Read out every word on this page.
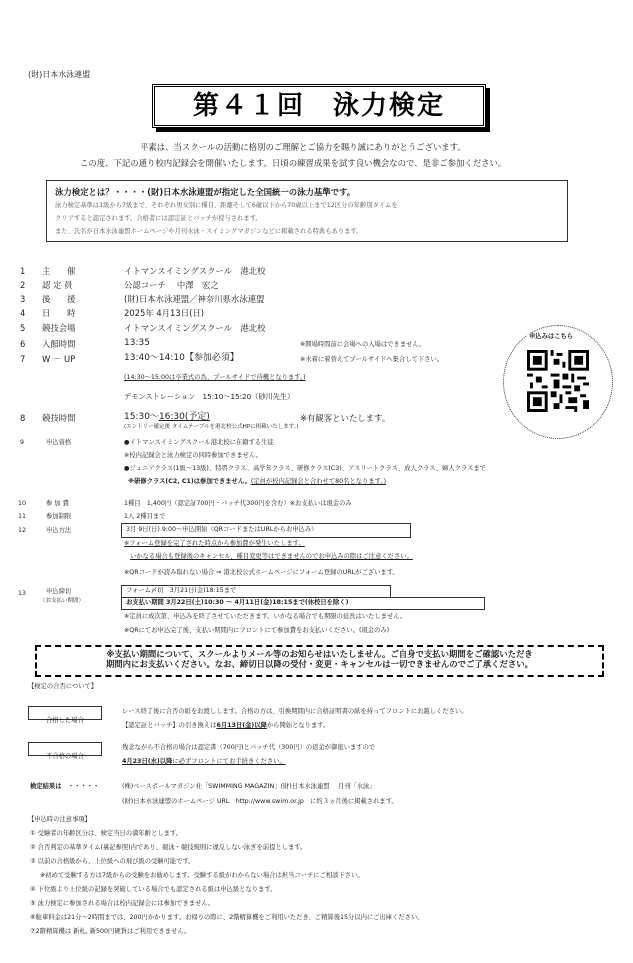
(財)日本水泳連盟
第４１回　泳力検定
平素は、当スクールの活動に格別のご理解とご協力を賜り誠にありがとうございます。
この度、下記の通り校内記録会を開催いたします。日頃の練習成果を試す良い機会なので、是非ご参加ください。
泳力検定とは？・・・・(財)日本水泳連盟が指定した全国統一の泳力基準です。
泳力検定基準は1級から7級まで、それぞれ男女別に種目、距離そして6歳以下から70歳以上まで12区分の年齢別タイムを
クリアすると認定されます。合格者には認定証とバッチが授与されます。
また、氏名が日本水泳連盟ホームページや月刊水泳・スイミングマガジンなどに掲載される特典もあります。
申込みはこちら
1 主　　催	イトマンスイミングスクール　港北校
2 認 定 員	公認コーチ　 中澤　宏之
3 後　　援	(財)日本水泳連盟／神奈川県水泳連盟
4 日　　時	2025年 4月13日(日)
5 競技会場	イトマンスイミングスクール　港北校
6 入館時間	13:35	※開場時間前に会場への入場はできません。
7 W － UP	13:40～14:10【参加必須】	※水着に着替えてプールサイドへ集合して下さい。
(14:30～15:00は卒業式の為、プールサイドで待機となります。)
デモンストレーション　15:10～15:20（砂川先生）
8 競技時間	15:30～16:30(予定)	※有観客といたします。
(エントリー確定後 タイムテーブルを港北校公式HPに掲載いたします。)
9	申込資格	●イトマンスイミングスクール港北校に在籍する生徒
※校内記録会と泳力検定の同時参加できません。
●ジュニアクラス(1級～13級)、特習クラス、高学年クラス、研修クラス(C3)、アスリートクラス、成人クラス、婦人クラスまで
※研修クラス(C2, C1)は参加できません。(定員が校内記録会と合わせて80名となります。)
10	参 加 費	1種目　1,400円（認定証700円・バッチ代300円を含む）※お支払いは現金のみ
11	参加制限	1人 2種目まで
12	申込方法	3月 9日(日) 9:00～申込開始（QRコードまたはURLからお申込み）
※フォーム登録を完了された時点から参加費が発生いたします。
いかなる場合も登録後のキャンセル、種目変更等はできませんのでお申込みの際はご注意ください。
※QRコードが読み取れない場合 ⇒ 港北校公式ホームページにフォーム登録のURLがございます。
13	申込締切
（お支払い期間）
フォーム〆切　3月21日(金)18:15まで
お支払い期間 3月22日(土)10:30 ～ 4月11日(金)18:15まで(休校日を除く)
※定員に成次第、申込みを終了させていただきます。いかなる場合でも期限の延長はいたしません。
※QRにてお申込完了後、支払い期間内にフロントにて参加費をお支払いください。(現金のみ)
※支払い期間について、スクールよりメール等のお知らせはいたしません。ご自身で支払い期間をご確認いただき
期間内にお支払いください。なお、締切日以降の受付・変更・キャンセルは一切できませんのでご了承ください。
【検定の合否について】
合格した場合
レース終了後に合否の紙をお渡しします。合格の方は、引換期間内に合格証明書の紙を持ってフロントにお越しください。
【認定証とバッチ】の引き換えは6月13日(金)以降から開始となります。
不合格の場合
残念ながら不合格の場合は認定書（700円)とバッチ代（300円）の返金が御座いますので
4月23日(水)以降に必ずフロントにてお手続きください。
検定結果は　・・・・・	(株)ベースボールマガジン社「SWIMMING MAGAZIN」(財)日本水泳連盟　 月刊「水泳」
(財)日本水泳連盟のホームページ URL　http://www.swim.or.jp　に約３ヵ月後に掲載されます。
【申込時の注意事項】
① 受験者の年齢区分は、検定当日の満年齢とします。
② 合否判定の基準タイム(裏記参照)内であり、競泳・競技規則に違反しない泳ぎを前提とします。
③ 以前の合格級から、上位級への飛び級の受験可能です。
※初めて受験する方は7級からの受験をお勧めします。受験する級がわからない場合は担当コーチにご相談下さい。
④ 下位級より上位級の記録を突破している場合でも認定される級は申込級となります。
⑤ 泳力検定に参加される場合は校内記録会には参加できません。
⑥駐車料金は21分～2時間までは、200円かかります。お帰りの際に、2階精算機をご利用いただき、ご精算後15分以内にご出庫ください。
⑦2階精算機は 新札, 新500円硬貨はご利用できません。
